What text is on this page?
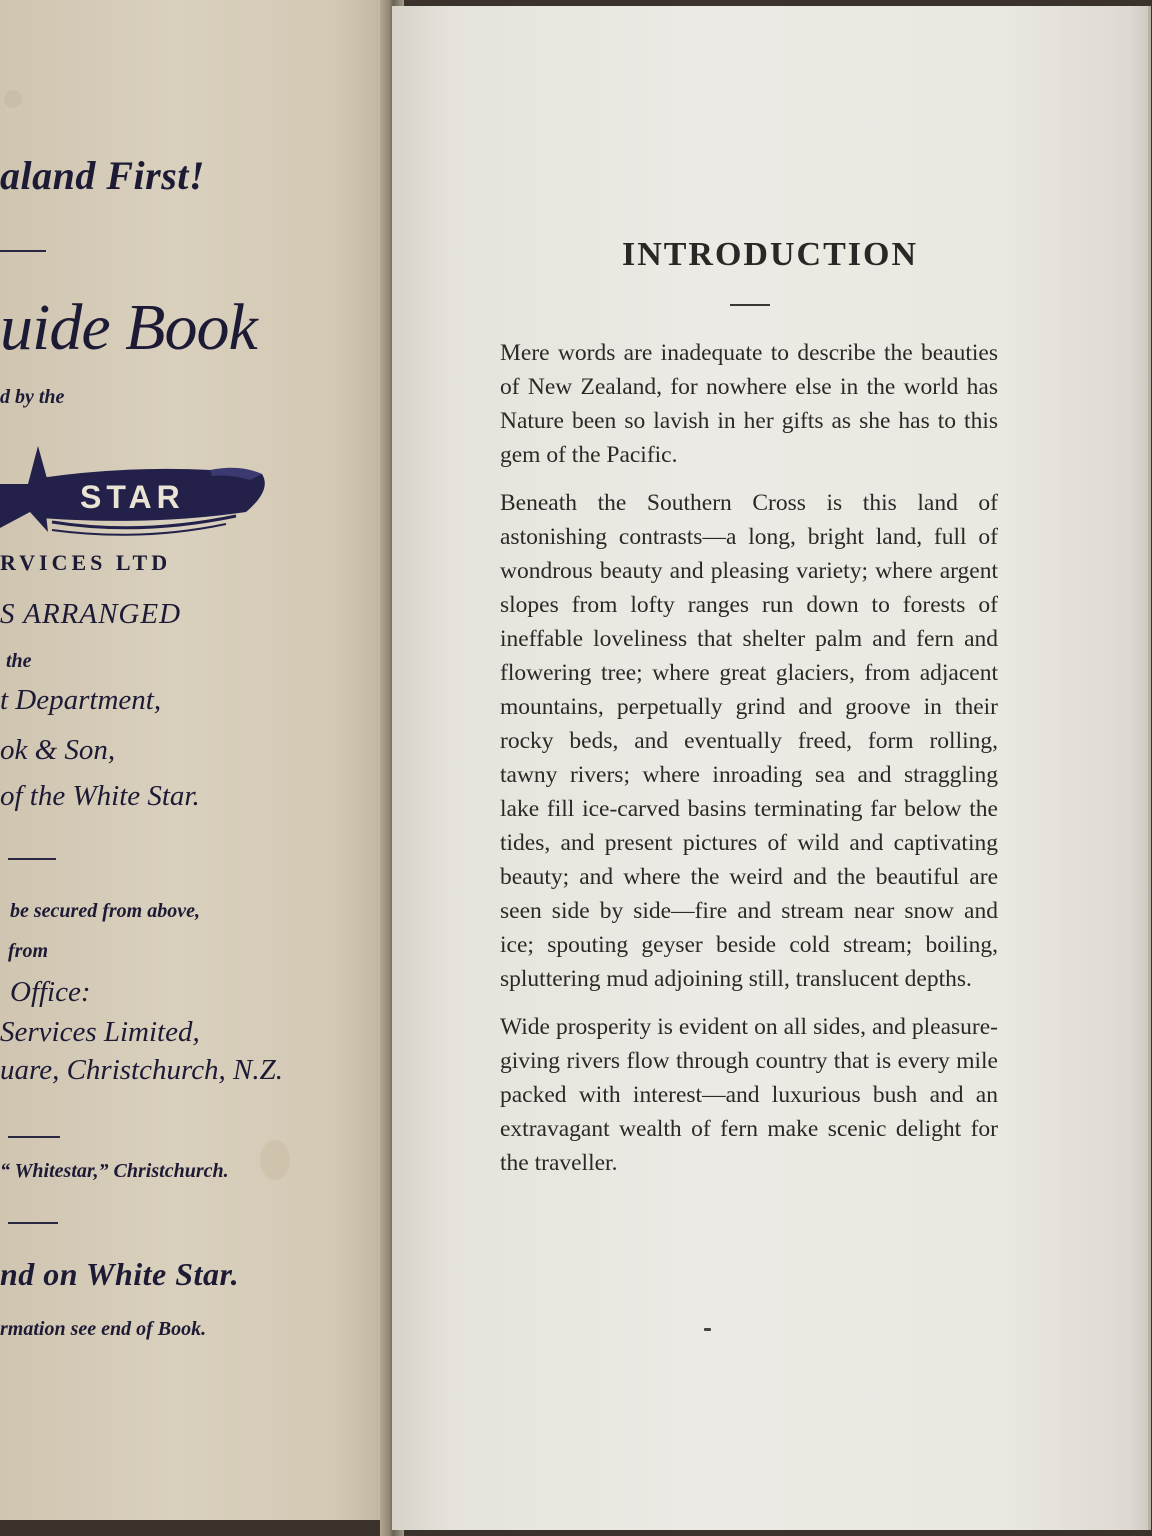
aland First!
uide Book
d by the
STAR
RVICES LTD
S ARRANGED
the
t Department,
ok & Son,
of the White Star.
be secured from above,
from
Office:
Services Limited,
uare, Christchurch, N.Z.
“ Whitestar,” Christchurch.
nd on White Star.
rmation see end of Book.
INTRODUCTION

Mere words are inadequate to describe the beauties of New Zealand, for nowhere else in the world has Nature been so lavish in her gifts as she has to this gem of the Pacific.

Beneath the Southern Cross is this land of astonishing contrasts—a long, bright land, full of wondrous beauty and pleasing variety; where argent slopes from lofty ranges run down to forests of ineffable loveliness that shelter palm and fern and flowering tree; where great glaciers, from adjacent mountains, perpetually grind and groove in their rocky beds, and eventually freed, form rolling, tawny rivers; where inroading sea and straggling lake fill ice-carved basins terminating far below the tides, and present pictures of wild and captivating beauty; and where the weird and the beautiful are seen side by side—fire and stream near snow and ice; spouting geyser beside cold stream; boiling, spluttering mud adjoining still, translucent depths.

Wide prosperity is evident on all sides, and pleasure-giving rivers flow through country that is every mile packed with interest—and luxurious bush and an extravagant wealth of fern make scenic delight for the traveller.
